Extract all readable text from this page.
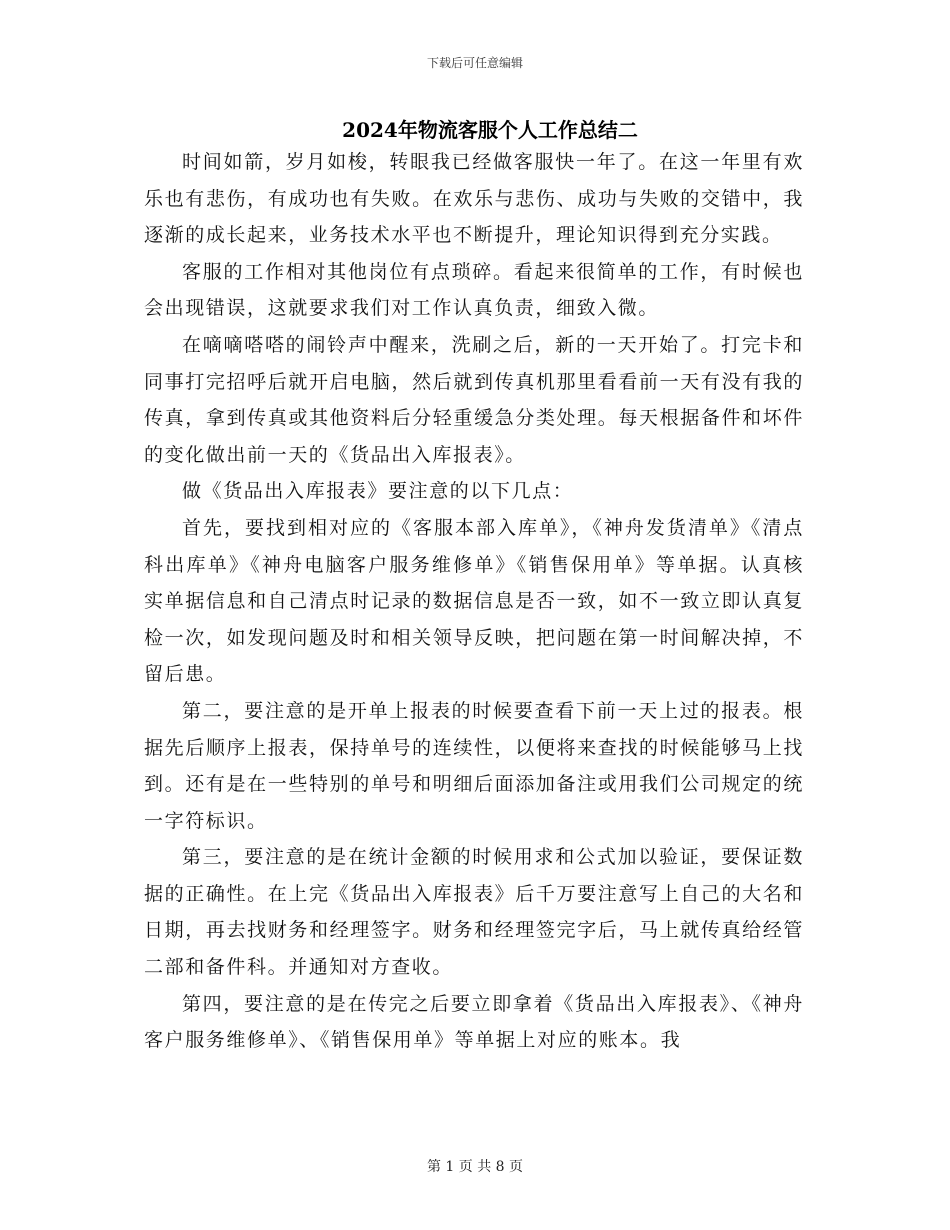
下载后可任意编辑
2024年物流客服个人工作总结二

时间如箭，岁月如梭，转眼我已经做客服快一年了。在这一年里有欢乐也有悲伤，有成功也有失败。在欢乐与悲伤、成功与失败的交错中，我逐渐的成长起来，业务技术水平也不断提升，理论知识得到充分实践。

客服的工作相对其他岗位有点琐碎。看起来很简单的工作，有时候也会出现错误，这就要求我们对工作认真负责，细致入微。

在嘀嘀嗒嗒的闹铃声中醒来，洗刷之后，新的一天开始了。打完卡和同事打完招呼后就开启电脑，然后就到传真机那里看看前一天有没有我的传真，拿到传真或其他资料后分轻重缓急分类处理。每天根据备件和坏件的变化做出前一天的《货品出入库报表》。

做《货品出入库报表》要注意的以下几点：

首先，要找到相对应的《客服本部入库单》，《神舟发货清单》《清点科出库单》《神舟电脑客户服务维修单》《销售保用单》等单据。认真核实单据信息和自己清点时记录的数据信息是否一致，如不一致立即认真复检一次，如发现问题及时和相关领导反映，把问题在第一时间解决掉，不留后患。

第二，要注意的是开单上报表的时候要查看下前一天上过的报表。根据先后顺序上报表，保持单号的连续性，以便将来查找的时候能够马上找到。还有是在一些特别的单号和明细后面添加备注或用我们公司规定的统一字符标识。

第三，要注意的是在统计金额的时候用求和公式加以验证，要保证数据的正确性。在上完《货品出入库报表》后千万要注意写上自己的大名和日期，再去找财务和经理签字。财务和经理签完字后，马上就传真给经管二部和备件科。并通知对方查收。

第四，要注意的是在传完之后要立即拿着《货品出入库报表》、《神舟客户服务维修单》、《销售保用单》等单据上对应的账本。我

第 1 页 共 8 页
